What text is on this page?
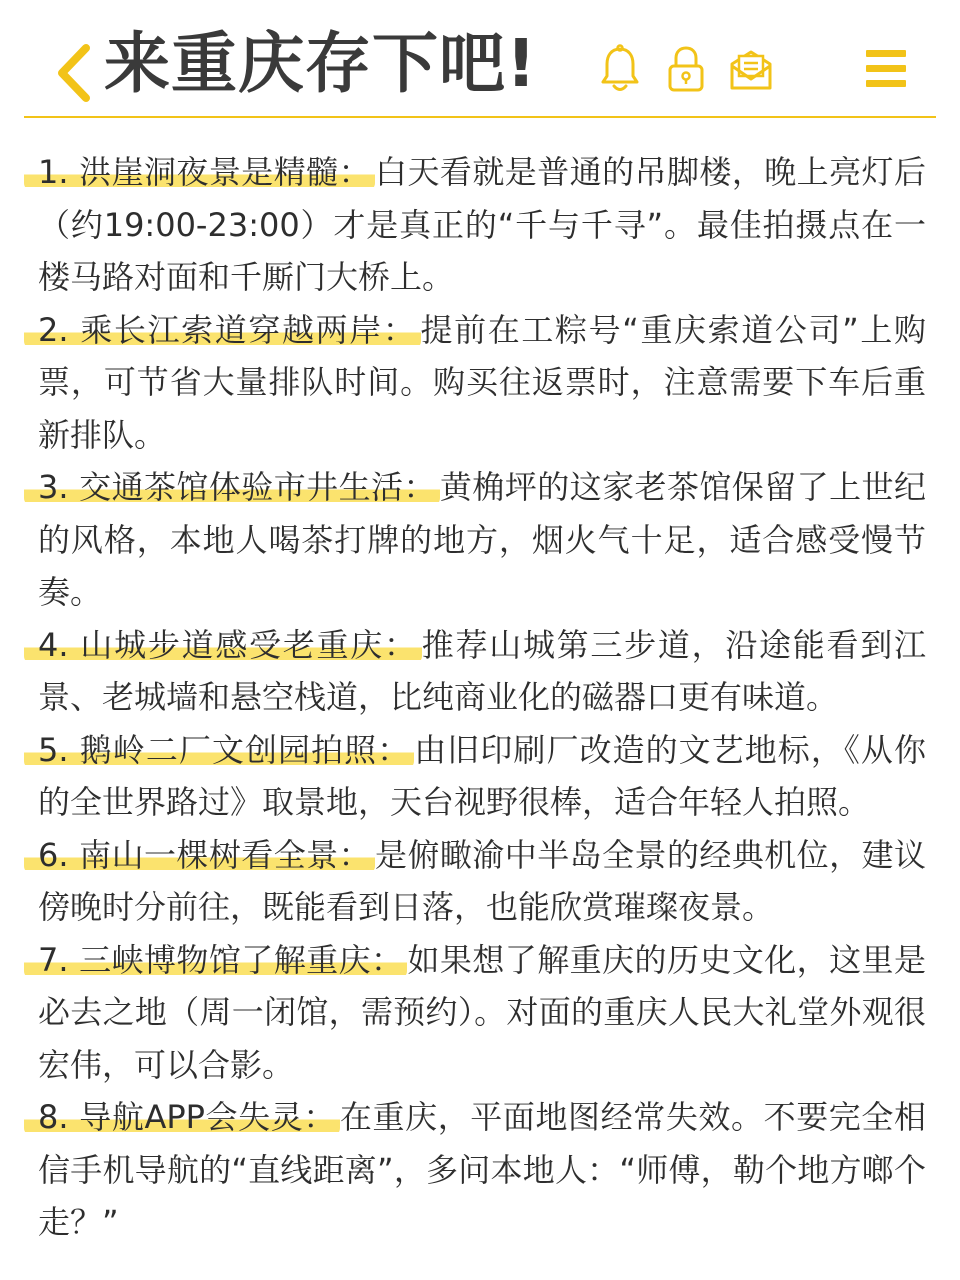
来重庆存下吧!
1. 洪崖洞夜景是精髓： 白天看就是普通的吊脚楼，晚上亮灯后（约19:00-23:00）才是真正的“千与千寻”。最佳拍摄点在一楼马路对面和千厮门大桥上。
2. 乘长江索道穿越两岸： 提前在工粽号“重庆索道公司”上购票，可节省大量排队时间。购买往返票时，注意需要下车后重新排队。
3. 交通茶馆体验市井生活： 黄桷坪的这家老茶馆保留了上世纪的风格，本地人喝茶打牌的地方，烟火气十足，适合感受慢节奏。
4. 山城步道感受老重庆： 推荐山城第三步道，沿途能看到江景、老城墙和悬空栈道，比纯商业化的磁器口更有味道。
5. 鹅岭二厂文创园拍照： 由旧印刷厂改造的文艺地标，《从你的全世界路过》取景地，天台视野很棒，适合年轻人拍照。
6. 南山一棵树看全景： 是俯瞰渝中半岛全景的经典机位，建议傍晚时分前往，既能看到日落，也能欣赏璀璨夜景。
7. 三峡博物馆了解重庆： 如果想了解重庆的历史文化，这里是必去之地（周一闭馆，需预约）。对面的重庆人民大礼堂外观很宏伟，可以合影。
8. 导航APP会失灵： 在重庆，平面地图经常失效。不要完全相信手机导航的“直线距离”，多问本地人：“师傅，勒个地方啷个走？”
